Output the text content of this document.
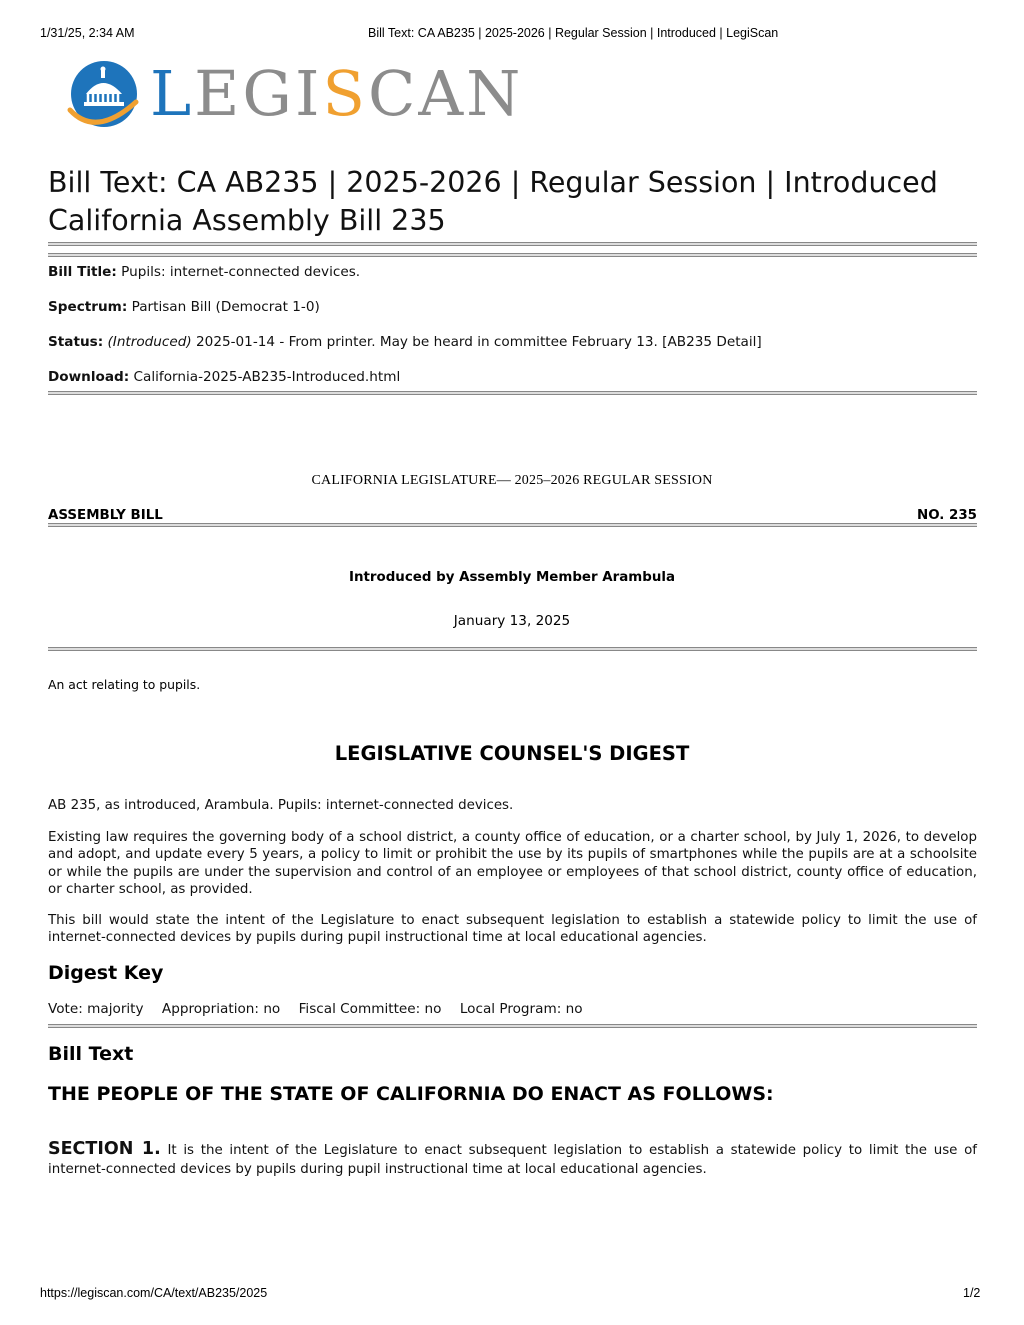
1/31/25, 2:34 AM	Bill Text: CA AB235 | 2025-2026 | Regular Session | Introduced | LegiScan
LEGISCAN
Bill Text: CA AB235 | 2025-2026 | Regular Session | Introduced
California Assembly Bill 235
Bill Title: Pupils: internet-connected devices.
Spectrum: Partisan Bill (Democrat 1-0)
Status: (Introduced) 2025-01-14 - From printer. May be heard in committee February 13. [AB235 Detail]
Download: California-2025-AB235-Introduced.html
CALIFORNIA LEGISLATURE— 2025–2026 REGULAR SESSION
ASSEMBLY BILL	NO. 235
Introduced by Assembly Member Arambula
January 13, 2025
An act relating to pupils.
LEGISLATIVE COUNSEL'S DIGEST
AB 235, as introduced, Arambula. Pupils: internet-connected devices.
Existing law requires the governing body of a school district, a county office of education, or a charter school, by July 1, 2026, to develop and adopt, and update every 5 years, a policy to limit or prohibit the use by its pupils of smartphones while the pupils are at a schoolsite or while the pupils are under the supervision and control of an employee or employees of that school district, county office of education, or charter school, as provided.
This bill would state the intent of the Legislature to enact subsequent legislation to establish a statewide policy to limit the use of internet-connected devices by pupils during pupil instructional time at local educational agencies.
Digest Key
Vote: majority Appropriation: no Fiscal Committee: no Local Program: no
Bill Text
THE PEOPLE OF THE STATE OF CALIFORNIA DO ENACT AS FOLLOWS:
SECTION 1. It is the intent of the Legislature to enact subsequent legislation to establish a statewide policy to limit the use of internet-connected devices by pupils during pupil instructional time at local educational agencies.
https://legiscan.com/CA/text/AB235/2025	1/2
